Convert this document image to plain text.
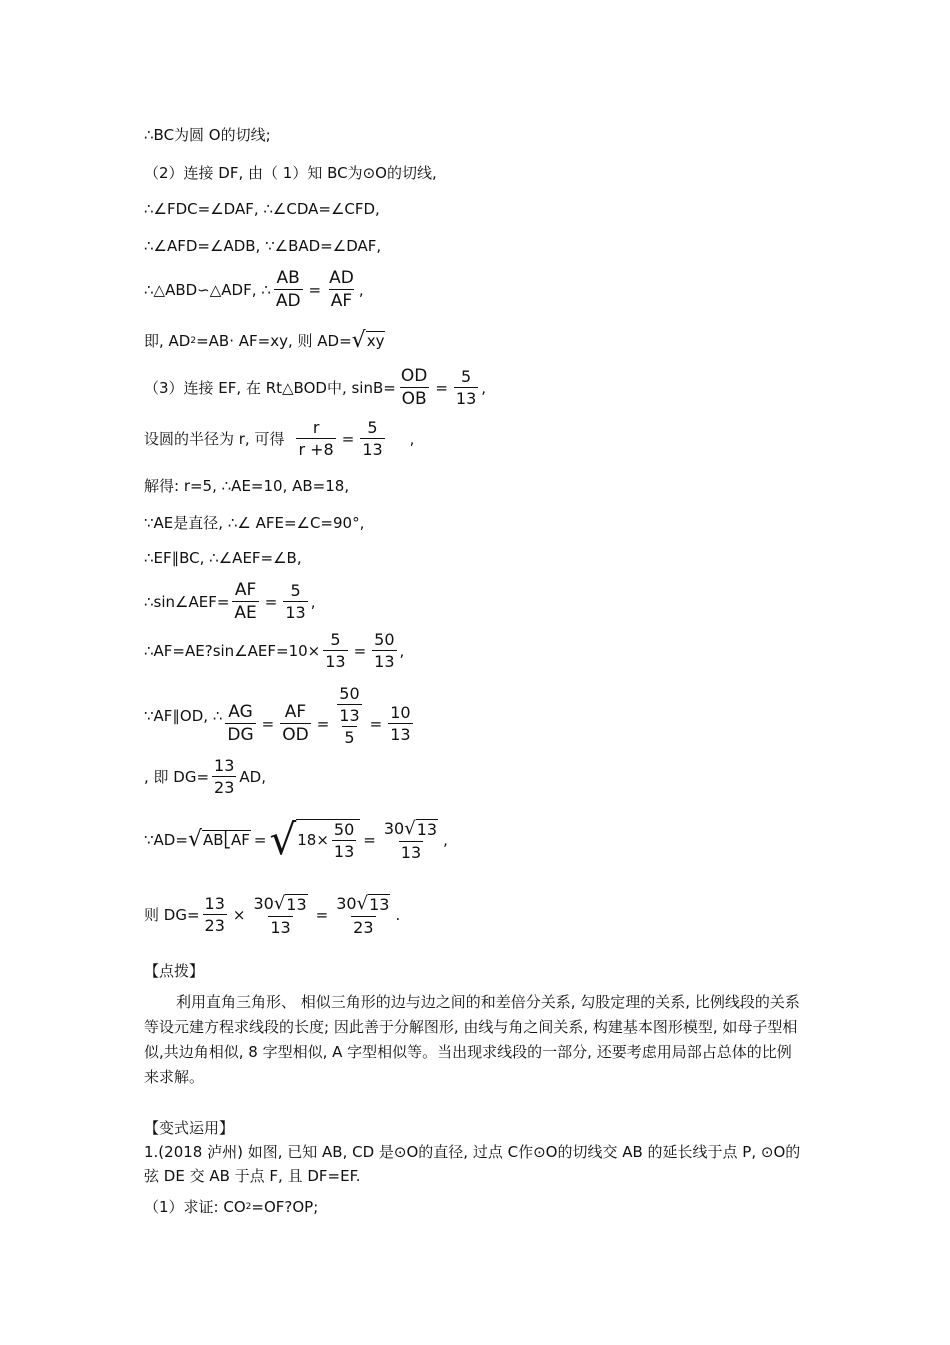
∴BC为圆 O的切线;
（2）连接 DF, 由（ 1）知 BC为⊙O的切线,
∴∠FDC=∠DAF, ∴∠CDA=∠CFD,
∴∠AFD=∠ADB, ∵∠BAD=∠DAF,
∴△ABD∽△ADF, ∴ $\frac{AB}{AD} = \frac{AD}{AF}$ ,
即, AD 2 =AB· AF=xy, 则 AD= √ xy
（3）连接 EF, 在 Rt△BOD中, $\sin B= \frac{OD}{OB} = \frac{5}{13}$ ,
设圆的半径为 r, 可得 $\frac{r}{r +8} = \frac{5}{13}$ ,
解得: r=5, ∴AE=10, AB=18,
∵AE是直径, ∴∠ AFE=∠C=90°,
∴EF∥BC, ∴∠AEF=∠B,
∴sin∠AEF= $\frac{AF}{AE} = \frac{5}{13}$ ,
∴AF=AE?sin∠AEF=10× $\frac{5}{13} = \frac{50}{13}$ ,
∵AF∥OD, ∴ $\frac{AG}{DG} = \frac{AF}{OD} = \frac{\frac{50}{13}}{5} = \frac{10}{13}$
, 即 $DG= \frac{13}{23}$ AD,
∵AD= √ AB⎣AF = √ $18\times \frac{50}{13} = \frac{30 √ 13}{13}$ ,
则 $DG= \frac{13}{23} \times \frac{30 √ 13}{13} = \frac{30 √ 13}{23}$ .
【点拨】
利用直角三角形、 相似三角形的边与边之间的和差倍分关系, 勾股定理的关系, 比例线段的关系等设元建方程求线段的长度; 因此善于分解图形, 由线与角之间关系, 构建基本图形模型, 如母子型相似,共边角相似, 8 字型相似, A 字型相似等。当出现求线段的一部分, 还要考虑用局部占总体的比例来求解。
【变式运用】
1.(2018 泸州) 如图, 已知 AB, CD 是⊙O的直径, 过点 C作⊙O的切线交 AB 的延长线于点 P, ⊙O的弦 DE 交 AB 于点 F, 且 DF=EF.
（1）求证: CO 2 =OF?OP;
